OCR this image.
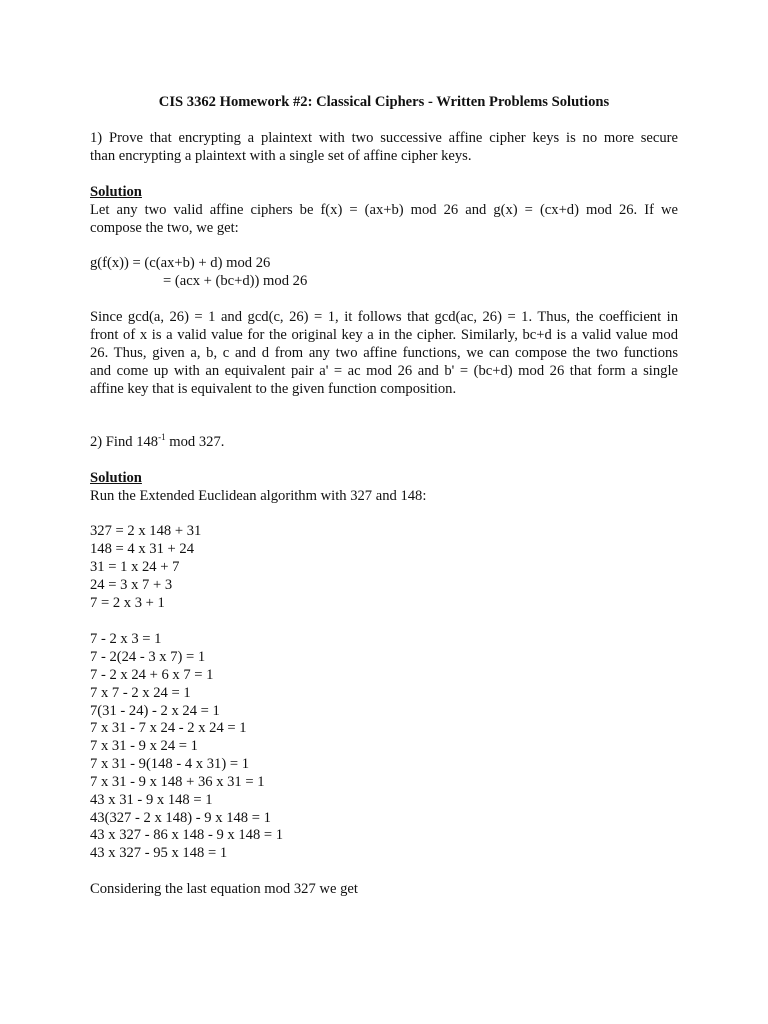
CIS 3362 Homework #2: Classical Ciphers - Written Problems Solutions
1) Prove that encrypting a plaintext with two successive affine cipher keys is no more secure
than encrypting a plaintext with a single set of affine cipher keys.
Solution
Let any two valid affine ciphers be f(x) = (ax+b) mod 26 and g(x) = (cx+d) mod 26. If we
compose the two, we get:
g(f(x)) = (c(ax+b) + d) mod 26
= (acx + (bc+d)) mod 26
Since gcd(a, 26) = 1 and gcd(c, 26) = 1, it follows that gcd(ac, 26) = 1. Thus, the coefficient in
front of x is a valid value for the original key a in the cipher. Similarly, bc+d is a valid value mod
26. Thus, given a, b, c and d from any two affine functions, we can compose the two functions
and come up with an equivalent pair a' = ac mod 26 and b' = (bc+d) mod 26 that form a single
affine key that is equivalent to the given function composition.
2) Find $148^{-1}$ mod 327.
Solution
Run the Extended Euclidean algorithm with 327 and 148:
327 = 2 x 148 + 31
148 = 4 x 31 + 24
31 = 1 x 24 + 7
24 = 3 x 7 + 3
7 = 2 x 3 + 1
7 - 2 x 3 = 1
7 - 2(24 - 3 x 7) = 1
7 - 2 x 24 + 6 x 7 = 1
7 x 7 - 2 x 24 = 1
7(31 - 24) - 2 x 24 = 1
7 x 31 - 7 x 24 - 2 x 24 = 1
7 x 31 - 9 x 24 = 1
7 x 31 - 9(148 - 4 x 31) = 1
7 x 31 - 9 x 148 + 36 x 31 = 1
43 x 31 - 9 x 148 = 1
43(327 - 2 x 148) - 9 x 148 = 1
43 x 327 - 86 x 148 - 9 x 148 = 1
43 x 327 - 95 x 148 = 1
Considering the last equation mod 327 we get
